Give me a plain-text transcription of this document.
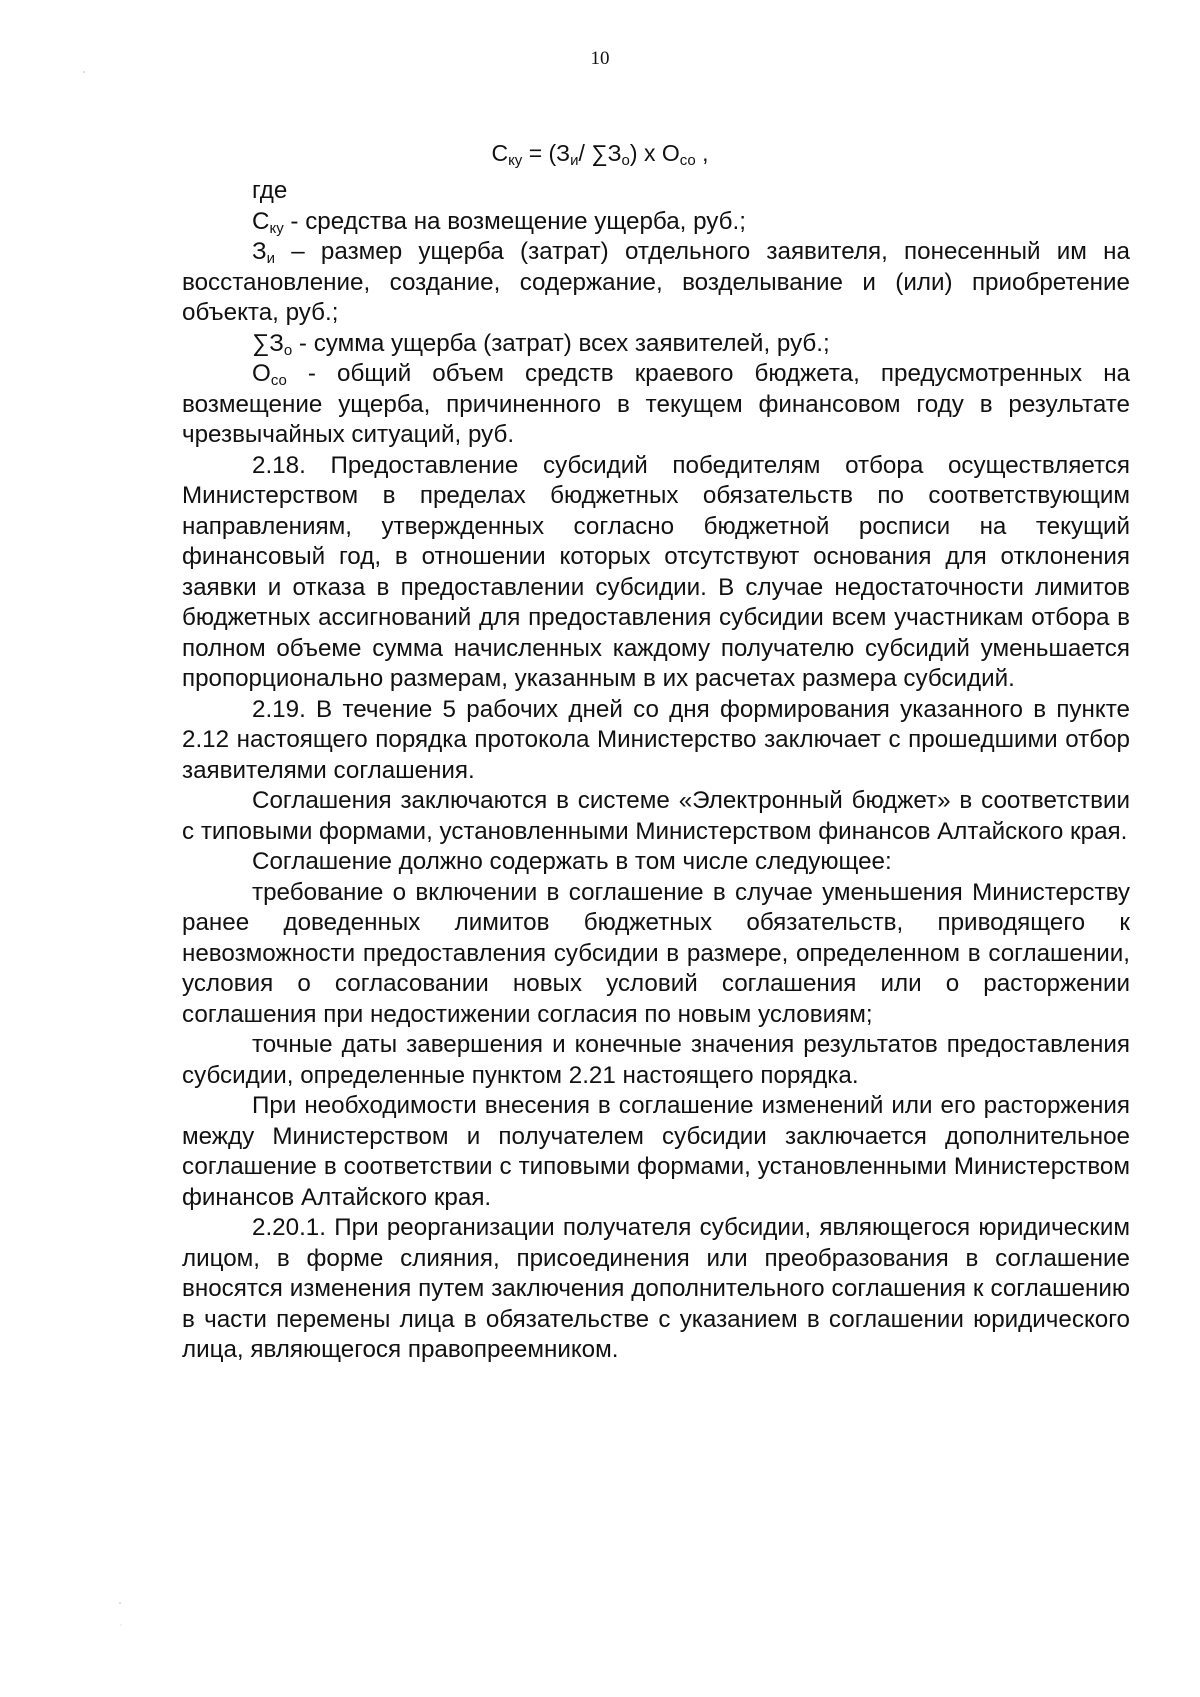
10
$С_{ку} = (З_и/$ $\sum З_о$) х $О_{со}$ ,

где

$С_{ку}$ - средства на возмещение ущерба, руб.;

$З_и$ – размер ущерба (затрат) отдельного заявителя, понесенный им на восстановление, создание, содержание, возделывание и (или) приобретение объекта, руб.;

$\sum З_о$ - сумма ущерба (затрат) всех заявителей, руб.;

$О_{со}$ - общий объем средств краевого бюджета, предусмотренных на возмещение ущерба, причиненного в текущем финансовом году в результате чрезвычайных ситуаций, руб.

2.18. Предоставление субсидий победителям отбора осуществляется Министерством в пределах бюджетных обязательств по соответствующим направлениям, утвержденных согласно бюджетной росписи на текущий финансовый год, в отношении которых отсутствуют основания для отклонения заявки и отказа в предоставлении субсидии. В случае недостаточности лимитов бюджетных ассигнований для предоставления субсидии всем участникам отбора в полном объеме сумма начисленных каждому получателю субсидий уменьшается пропорционально размерам, указанным в их расчетах размера субсидий.

2.19. В течение 5 рабочих дней со дня формирования указанного в пункте 2.12 настоящего порядка протокола Министерство заключает с прошедшими отбор заявителями соглашения.

Соглашения заключаются в системе «Электронный бюджет» в соответствии с типовыми формами, установленными Министерством финансов Алтайского края.

Соглашение должно содержать в том числе следующее:

требование о включении в соглашение в случае уменьшения Министерству ранее доведенных лимитов бюджетных обязательств, приводящего к невозможности предоставления субсидии в размере, определенном в соглашении, условия о согласовании новых условий соглашения или о расторжении соглашения при недостижении согласия по новым условиям;

точные даты завершения и конечные значения результатов предоставления субсидии, определенные пунктом 2.21 настоящего порядка.

При необходимости внесения в соглашение изменений или его расторжения между Министерством и получателем субсидии заключается дополнительное соглашение в соответствии с типовыми формами, установленными Министерством финансов Алтайского края.

2.20.1. При реорганизации получателя субсидии, являющегося юридическим лицом, в форме слияния, присоединения или преобразования в соглашение вносятся изменения путем заключения дополнительного соглашения к соглашению в части перемены лица в обязательстве с указанием в соглашении юридического лица, являющегося правопреемником.
